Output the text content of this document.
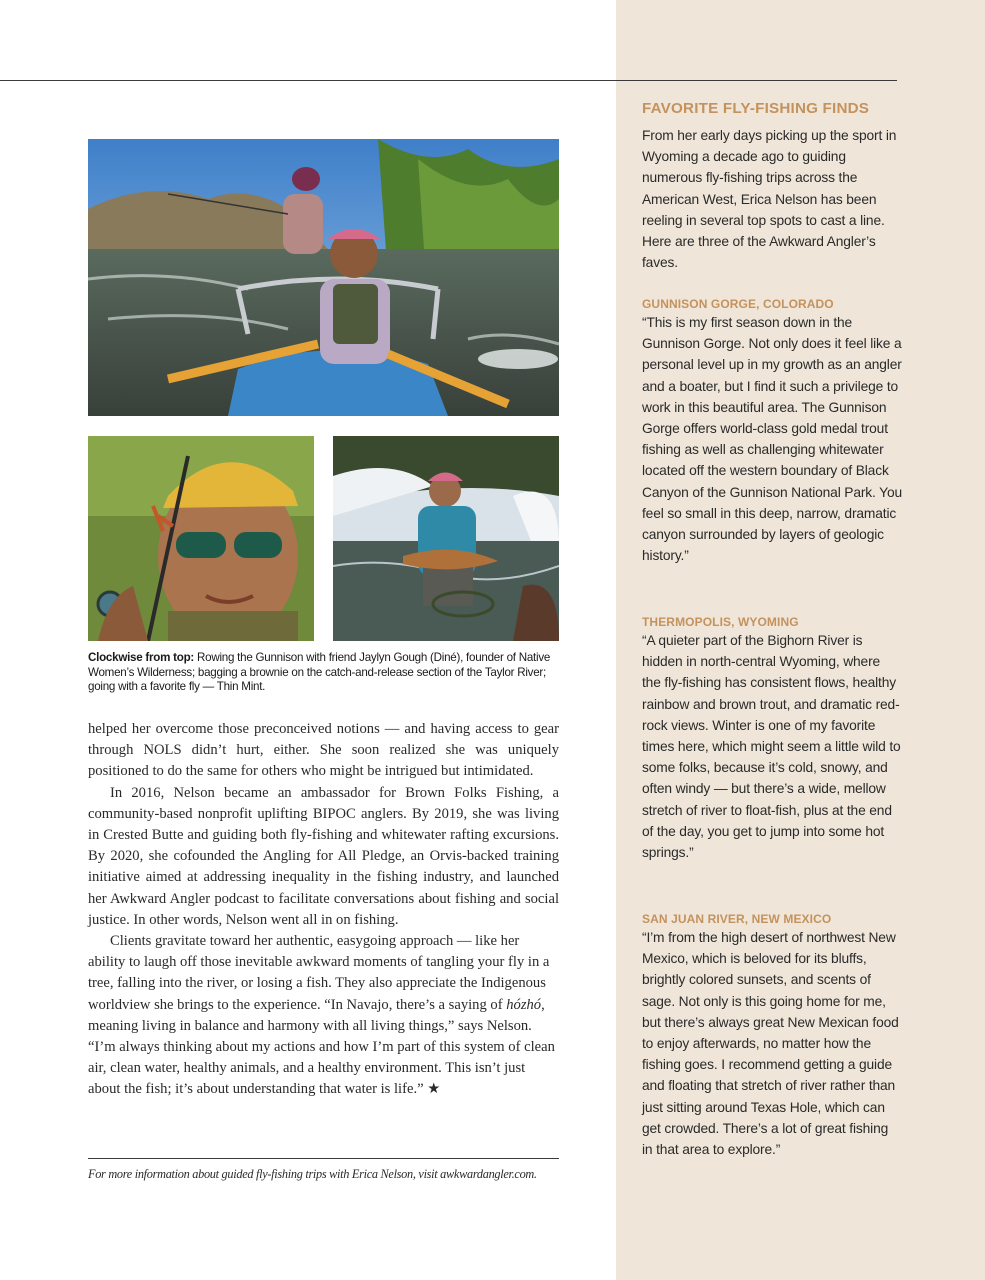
Clockwise from top: Rowing the Gunnison with friend Jaylyn Gough (Diné), founder of Native Women’s Wilderness; bagging a brownie on the catch-and-release section of the Taylor River; going with a favorite fly — Thin Mint.

helped her overcome those preconceived notions — and having access to gear through NOLS didn’t hurt, either. She soon realized she was uniquely positioned to do the same for others who might be intrigued but intimidated.

In 2016, Nelson became an ambassador for Brown Folks Fishing, a community-based nonprofit uplifting BIPOC anglers. By 2019, she was living in Crested Butte and guiding both fly-fishing and whitewater rafting excursions. By 2020, she cofounded the Angling for All Pledge, an Orvis-backed training initiative aimed at addressing inequality in the fishing industry, and launched her Awkward Angler podcast to facilitate conversations about fishing and social justice. In other words, Nelson went all in on fishing.

Clients gravitate toward her authentic, easygoing approach — like her ability to laugh off those inevitable awkward moments of tangling your fly in a tree, falling into the river, or losing a fish. They also appreciate the Indigenous worldview she brings to the experience. “In Navajo, there’s a saying of hózhó, meaning living in balance and harmony with all living things,” says Nelson. “I’m always thinking about my actions and how I’m part of this system of clean air, clean water, healthy animals, and a healthy environment. This isn’t just about the fish; it’s about understanding that water is life.” ★

For more information about guided fly-fishing trips with Erica Nelson, visit awkwardangler.com.
FAVORITE FLY-FISHING FINDS

From her early days picking up the sport in Wyoming a decade ago to guiding numerous fly-fishing trips across the American West, Erica Nelson has been reeling in several top spots to cast a line. Here are three of the Awkward Angler’s faves.

GUNNISON GORGE, COLORADO

“This is my first season down in the Gunnison Gorge. Not only does it feel like a personal level up in my growth as an angler and a boater, but I find it such a privilege to work in this beautiful area. The Gunnison Gorge offers world-class gold medal trout fishing as well as challenging whitewater located off the western boundary of Black Canyon of the Gunnison National Park. You feel so small in this deep, narrow, dramatic canyon surrounded by layers of geologic history.”

THERMOPOLIS, WYOMING

“A quieter part of the Bighorn River is hidden in north-central Wyoming, where the fly-fishing has consistent flows, healthy rainbow and brown trout, and dramatic red-rock views. Winter is one of my favorite times here, which might seem a little wild to some folks, because it’s cold, snowy, and often windy — but there’s a wide, mellow stretch of river to float-fish, plus at the end of the day, you get to jump into some hot springs.”

SAN JUAN RIVER, NEW MEXICO

“I’m from the high desert of northwest New Mexico, which is beloved for its bluffs, brightly colored sunsets, and scents of sage. Not only is this going home for me, but there’s always great New Mexican food to enjoy afterwards, no matter how the fishing goes. I recommend getting a guide and floating that stretch of river rather than just sitting around Texas Hole, which can get crowded. There’s a lot of great fishing in that area to explore.”
